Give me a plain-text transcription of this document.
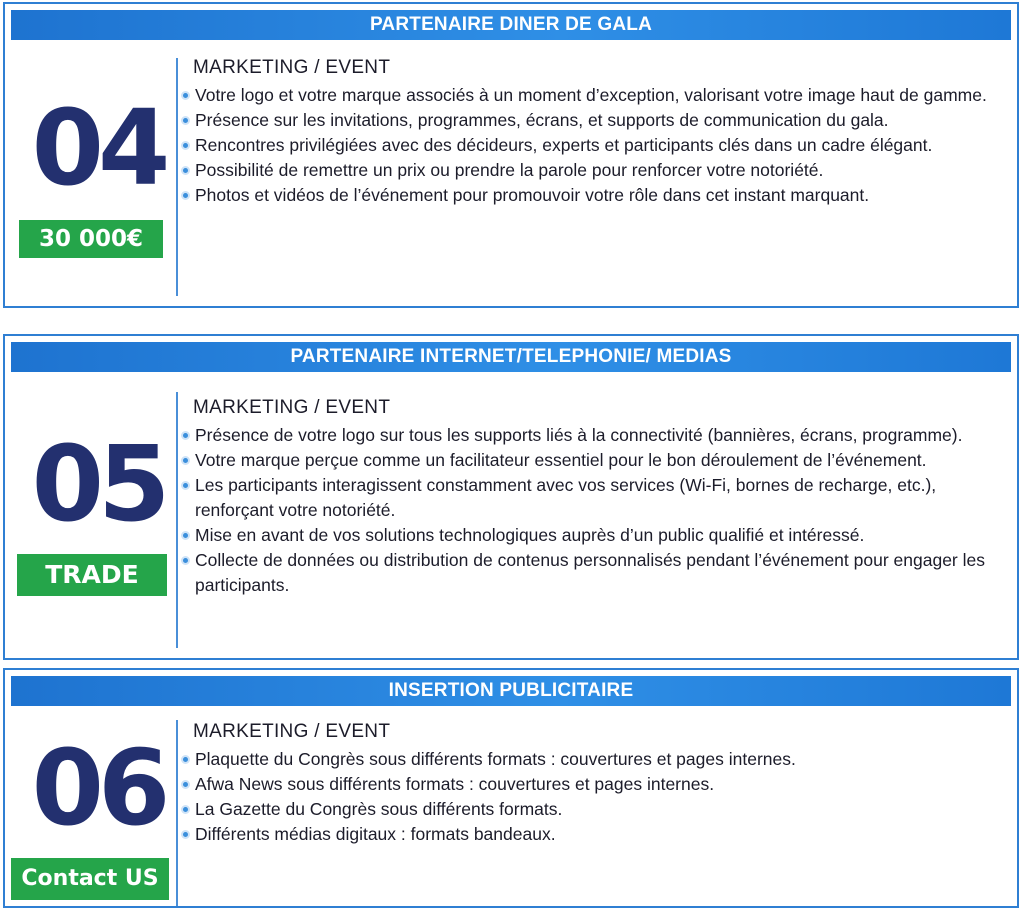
PARTENAIRE DINER DE GALA
04
30 000€
MARKETING / EVENT
Votre logo et votre marque associés à un moment d’exception, valorisant votre image haut de gamme.
Présence sur les invitations, programmes, écrans, et supports de communication du gala.
Rencontres privilégiées avec des décideurs, experts et participants clés dans un cadre élégant.
Possibilité de remettre un prix ou prendre la parole pour renforcer votre notoriété.
Photos et vidéos de l’événement pour promouvoir votre rôle dans cet instant marquant.
PARTENAIRE INTERNET/TELEPHONIE/ MEDIAS
05
TRADE
MARKETING / EVENT
Présence de votre logo sur tous les supports liés à la connectivité (bannières, écrans, programme).
Votre marque perçue comme un facilitateur essentiel pour le bon déroulement de l’événement.
Les participants interagissent constamment avec vos services (Wi-Fi, bornes de recharge, etc.), renforçant votre notoriété.
Mise en avant de vos solutions technologiques auprès d’un public qualifié et intéressé.
Collecte de données ou distribution de contenus personnalisés pendant l’événement pour engager les participants.
INSERTION PUBLICITAIRE
06
Contact US
MARKETING / EVENT
Plaquette du Congrès sous différents formats : couvertures et pages internes.
Afwa News sous différents formats : couvertures et pages internes.
La Gazette du Congrès sous différents formats.
Différents médias digitaux : formats bandeaux.
